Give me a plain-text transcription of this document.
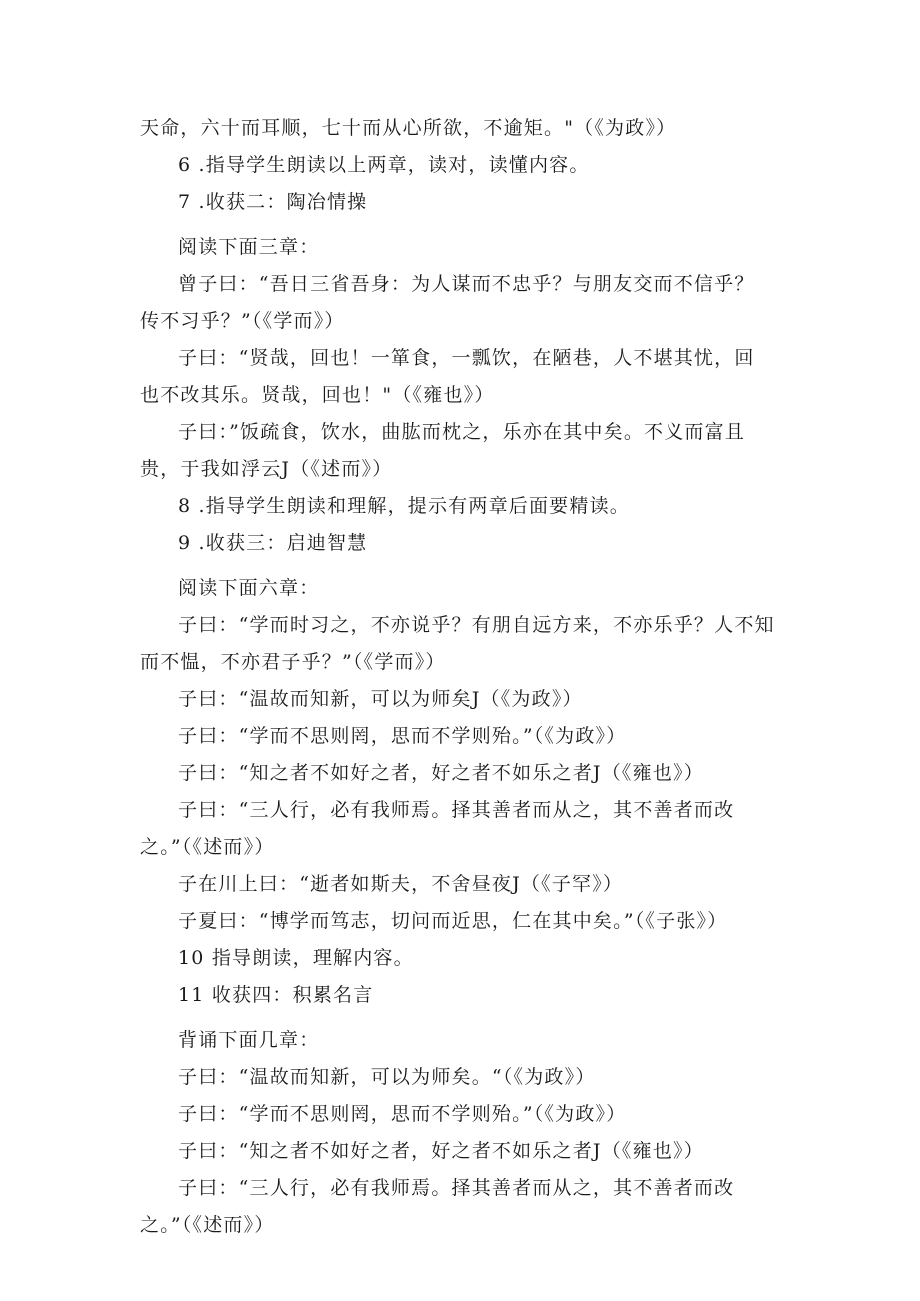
天命，六十而耳顺，七十而从心所欲，不逾矩。"（《为政》）
6 .指导学生朗读以上两章，读对，读懂内容。
7 .收获二：陶冶情操
阅读下面三章：
曾子曰：“吾日三省吾身：为人谋而不忠乎？与朋友交而不信乎？
传不习乎？”（《学而》）
子曰：“贤哉，回也！一箪食，一瓢饮，在陋巷，人不堪其忧，回
也不改其乐。贤哉，回也！"（《雍也》）
子曰：”饭疏食，饮水，曲肱而枕之，乐亦在其中矣。不义而富且
贵，于我如浮云J（《述而》）
8 .指导学生朗读和理解，提示有两章后面要精读。
9 .收获三：启迪智慧
阅读下面六章：
子曰：“学而时习之，不亦说乎？有朋自远方来，不亦乐乎？人不知
而不愠，不亦君子乎？”（《学而》）
子曰：“温故而知新，可以为师矣J（《为政》）
子曰：“学而不思则罔，思而不学则殆。”（《为政》）
子曰：“知之者不如好之者，好之者不如乐之者J（《雍也》）
子曰：“三人行，必有我师焉。择其善者而从之，其不善者而改
之。”（《述而》）
子在川上曰：“逝者如斯夫，不舍昼夜J（《子罕》）
子夏曰：“博学而笃志，切问而近思，仁在其中矣。”（《子张》）
10 指导朗读，理解内容。
11 收获四：积累名言
背诵下面几章：
子曰：“温故而知新，可以为师矣。“（《为政》）
子曰：“学而不思则罔，思而不学则殆。”（《为政》）
子曰：“知之者不如好之者，好之者不如乐之者J（《雍也》）
子曰：“三人行，必有我师焉。择其善者而从之，其不善者而改
之。”（《述而》）
